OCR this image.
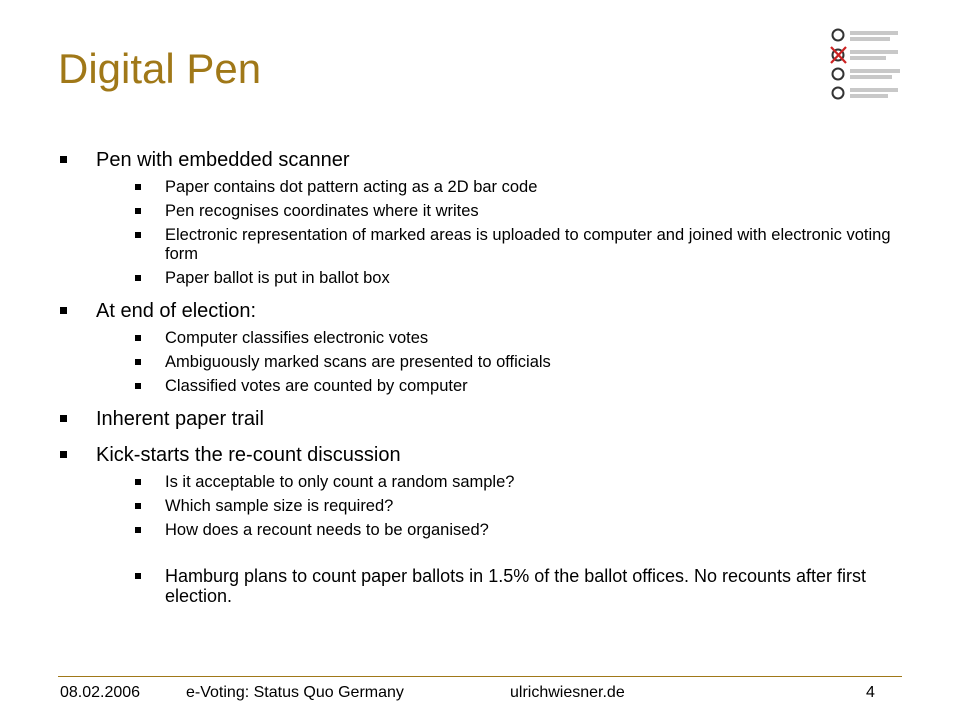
Digital Pen
Pen with embedded scanner
Paper contains dot pattern acting as a 2D bar code
Pen recognises coordinates where it writes
Electronic representation of marked areas is uploaded to computer and joined with electronic voting form
Paper ballot is put in ballot box
At end of election:
Computer classifies electronic votes
Ambiguously marked scans are presented to officials
Classified votes are counted by computer
Inherent paper trail
Kick-starts the re-count discussion
Is it acceptable to only count a random sample?
Which sample size is required?
How does a recount needs to be organised?
Hamburg plans to count paper ballots in 1.5% of the ballot offices. No recounts after first election.
08.02.2006	e-Voting: Status Quo Germany	ulrichwiesner.de	4
